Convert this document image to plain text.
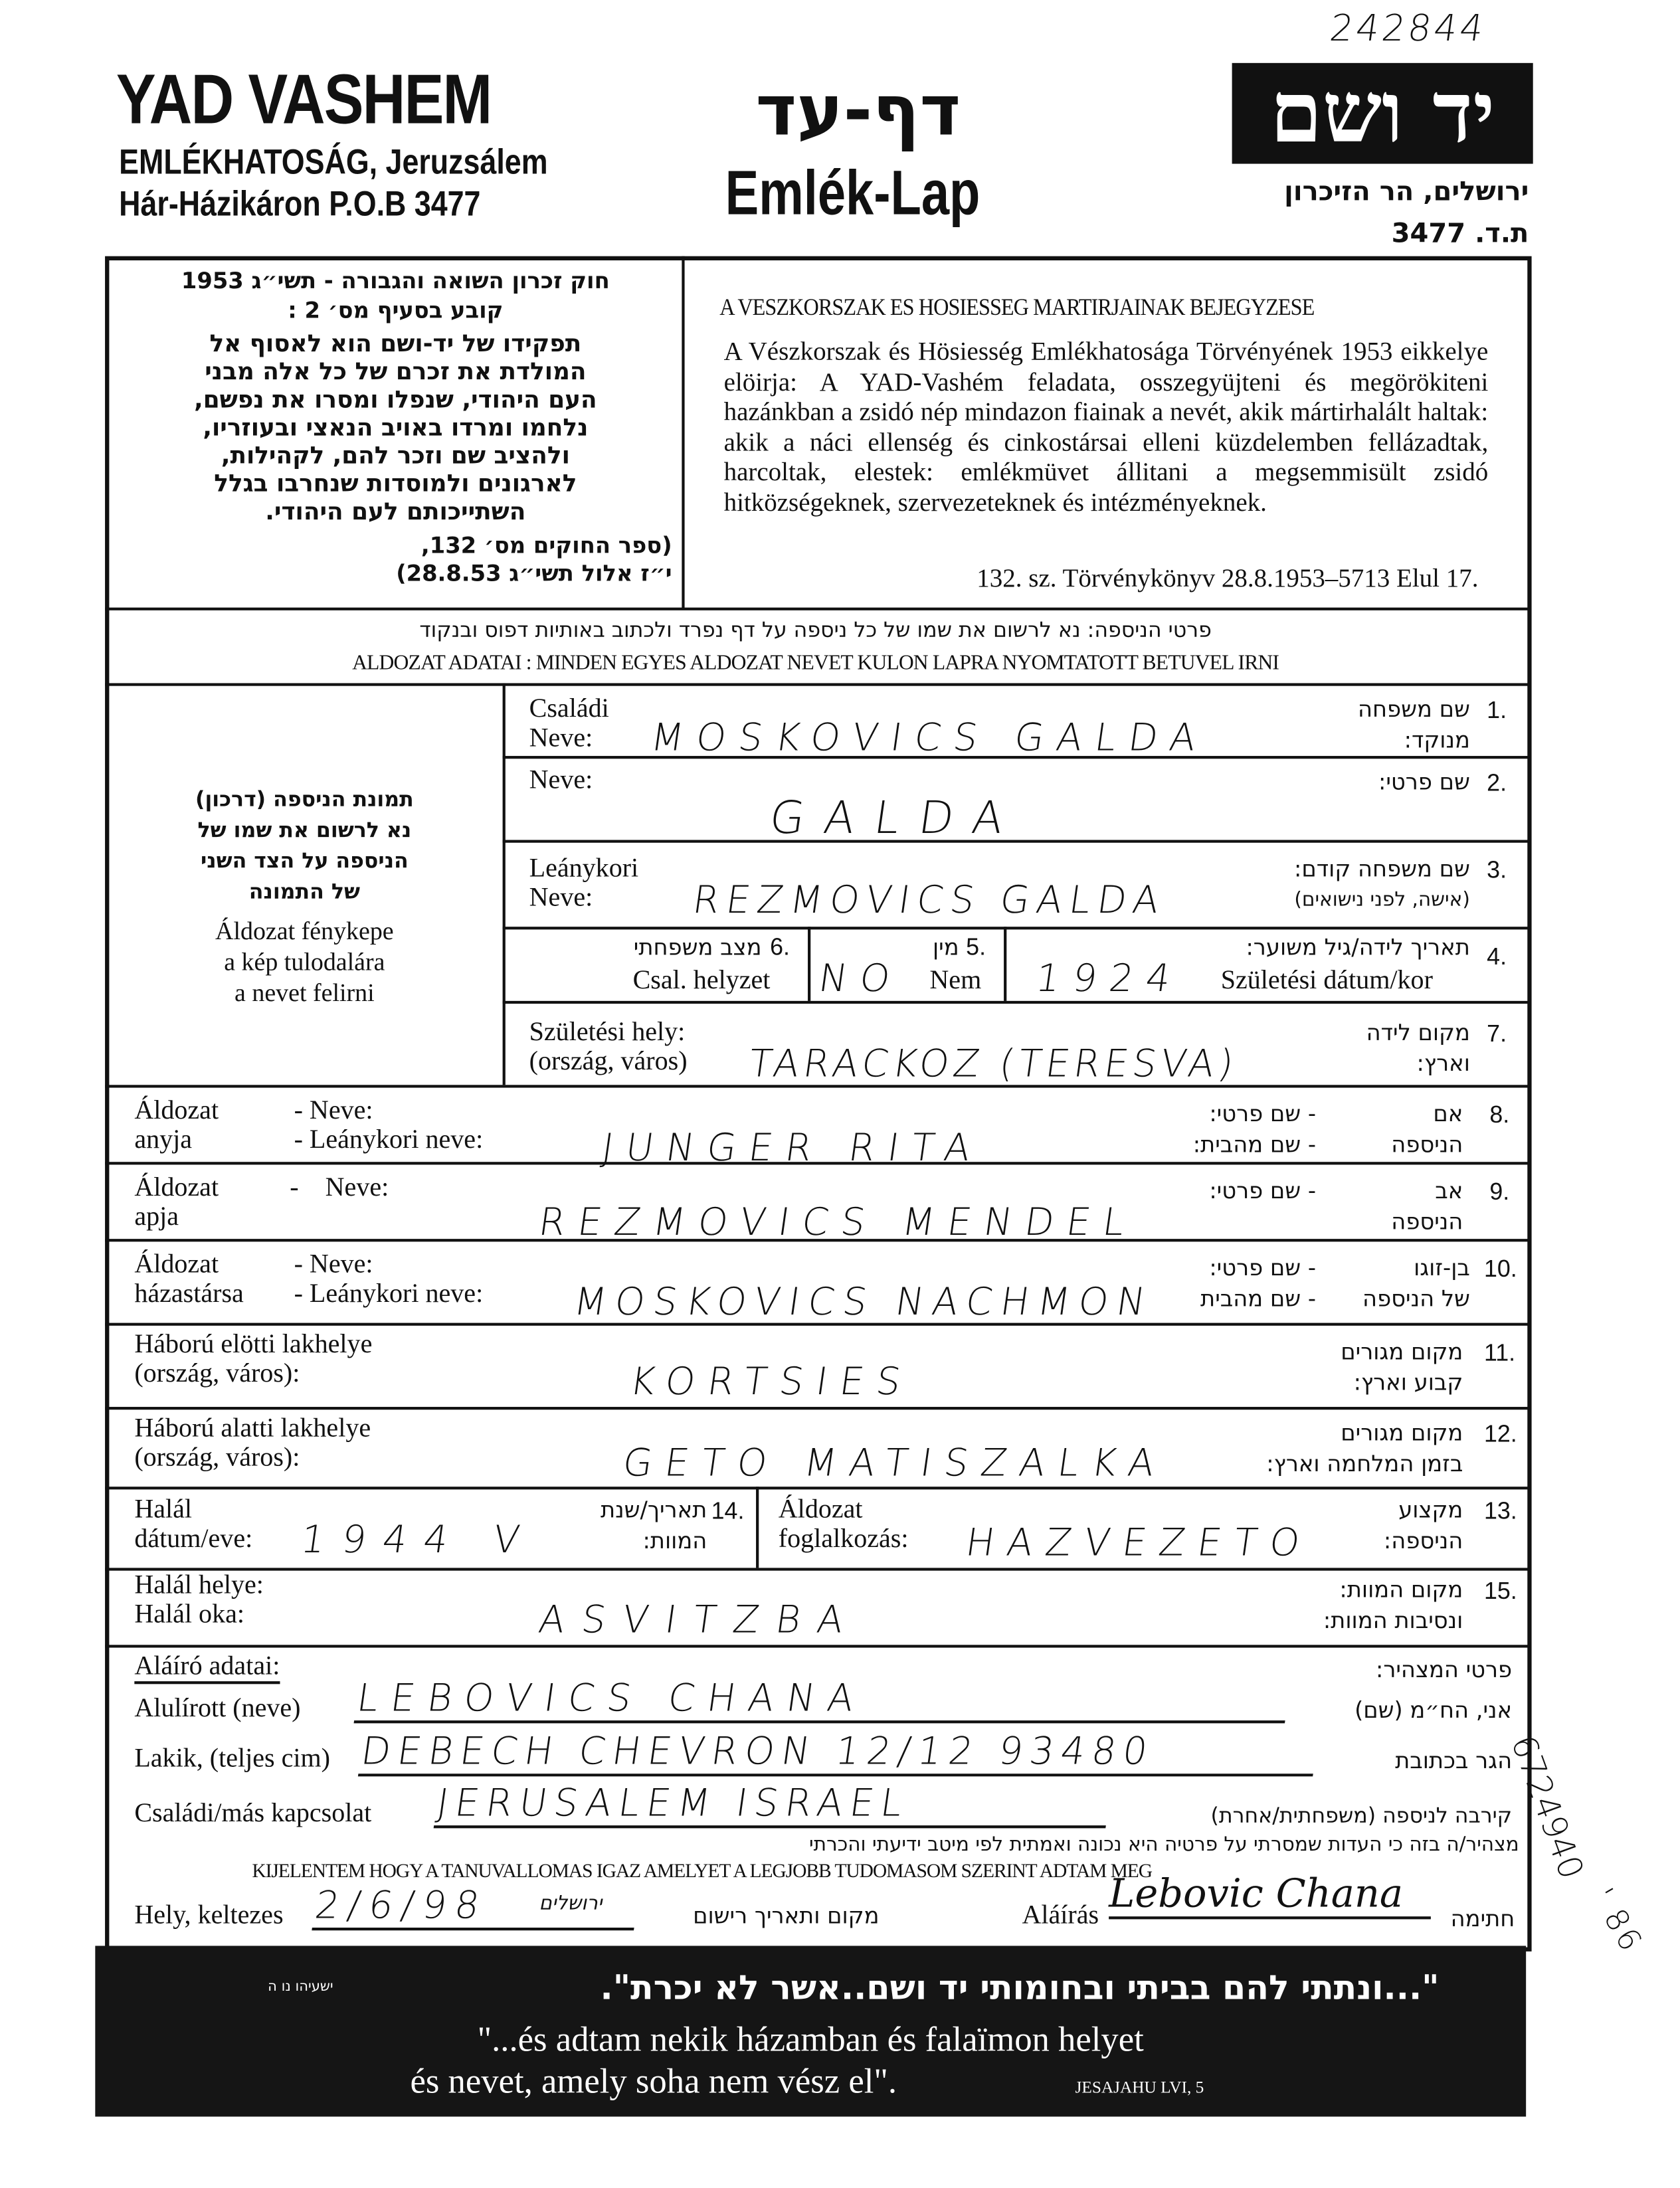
YAD VASHEM
EMLÉKHATOSÁG, Jeruzsálem
Hár-Házikáron P.O.B 3477
דף-עד
Emlék-Lap
242844
יד ושם
ירושלים, הר הזיכרון
ת.ד. 3477
חוק זכרון השואה והגבורה - תשי״ג 1953
קובע בסעיף מס׳ 2 :
תפקידו של יד-ושם הוא לאסוף אל
המולדת את זכרם של כל אלה מבני
העם היהודי, שנפלו ומסרו את נפשם,
נלחמו ומרדו באויב הנאצי ובעוזריו,
ולהציב שם וזכר להם, לקהילות,
לארגונים ולמוסדות שנחרבו בגלל
השתייכותם לעם היהודי.
(ספר החוקים מס׳ 132,
י״ז אלול תשי״ג 28.8.53)
A VESZKORSZAK ES HOSIESSEG MARTIRJAINAK BEJEGYZESE
A Vészkorszak és Hösiesség Emlékhatosága Törvényének 1953 eikkelye elöirja: A YAD-Vashém feladata, osszegyüjteni és megörökiteni hazánkban a zsidó nép mindazon fiainak a nevét, akik mártirhalált haltak: akik a náci ellenség és cinkostársai elleni küzdelemben fellázadtak, harcoltak, elestek: emlékmüvet állitani a megsemmisült zsidó hitközségeknek, szervezeteknek és intézményeknek.
132. sz. Törvénykönyv 28.8.1953–5713 Elul 17.
פרטי הניספה: נא לרשום את שמו של כל ניספה על דף נפרד ולכתוב באותיות דפוס ובנקוד
ALDOZAT ADATAI : MINDEN EGYES ALDOZAT NEVET KULON LAPRA NYOMTATOTT BETUVEL IRNI
תמונת הניספה (דרכון)
נא לרשום את שמו של
הניספה על הצד השני
של התמונה
Áldozat fénykepe
a kép tulodalára
a nevet felirni
Családi
Neve:	MOSKOVICS GALDA
שם משפחה
מנוקד:
1.
Neve:
GALDA
שם פרטי: 2.
Leánykori
Neve:	REZMOVICS GALDA
שם משפחה קודם:
(אישה, לפני נישואים)
3.
מצב משפחתי 6.
Csal. helyzet	NO
מין 5.
Nem	1924
תאריך לידה/גיל משוער:
Születési dátum/kor
4.
Születési hely:
(ország, város)	TARACKOZ (TERESVA)
מקום לידה
וארץ:
7.
Áldozat
anyja
- Neve:
- Leánykori neve:	JUNGER RITA
- שם פרטי:
- שם מהבית:
אם
הניספה
8.
Áldozat
apja
-    Neve:
REZMOVICS MENDEL
- שם פרטי:	אב
הניספה
9.
Áldozat
házastársa
- Neve:
- Leánykori neve:	MOSKOVICS NACHMON
- שם פרטי:
- שם מהבית
בן-זוגו
של הניספה
10.
Háború elötti lakhelye
(ország, város):	KORTSIES
מקום מגורים
קבוע וארץ:
11.
Háború alatti lakhelye
(ország, város):	GETO MATISZALKA
מקום מגורים
בזמן המלחמה וארץ:
12.
Halál
dátum/eve:	1944 V
תאריך/שנת
המוות:
14.	Áldozat
foglalkozás:	HAZVEZETO
מקצוע
הניספה:
13.
Halál helye:
Halál oka:	ASVITZBA
מקום המוות:
ונסיבות המוות:
15.
Aláíró adatai:	פרטי המצהיר:
Alulírott (neve)	LEBOVICS CHANA	אני, הח״מ (שם)
Lakik, (teljes cim) DEBECH CHEVRON 12/12 93480	הגר בכתובת
Családi/más kapcsolat	JERUSALEM ISRAEL	קירבה לניספה (משפחתית/אחרת)
מצהיר/ה בזה כי העדות שמסרתי על פרטיה היא נכונה ואמתית לפי מיטב ידיעתי והכרתי
KIJELENTEM HOGY A TANUVALLOMAS IGAZ AMELYET A LEGJOBB TUDOMASOM SZERINT ADTAM MEG
Hely, keltezes 2/6/98	ירושלים	מקום ותאריך רישום	Aláírás Lebovic Chana
חתימה
6724940
' 86
"...ונתתי להם בביתי ובחומותי יד ושם..אשר לא יכרת".
ישעיהו נו ה
"...és adtam nekik házamban és falaïmon helyet
és nevet, amely soha nem vész el".	JESAJAHU LVI, 5
